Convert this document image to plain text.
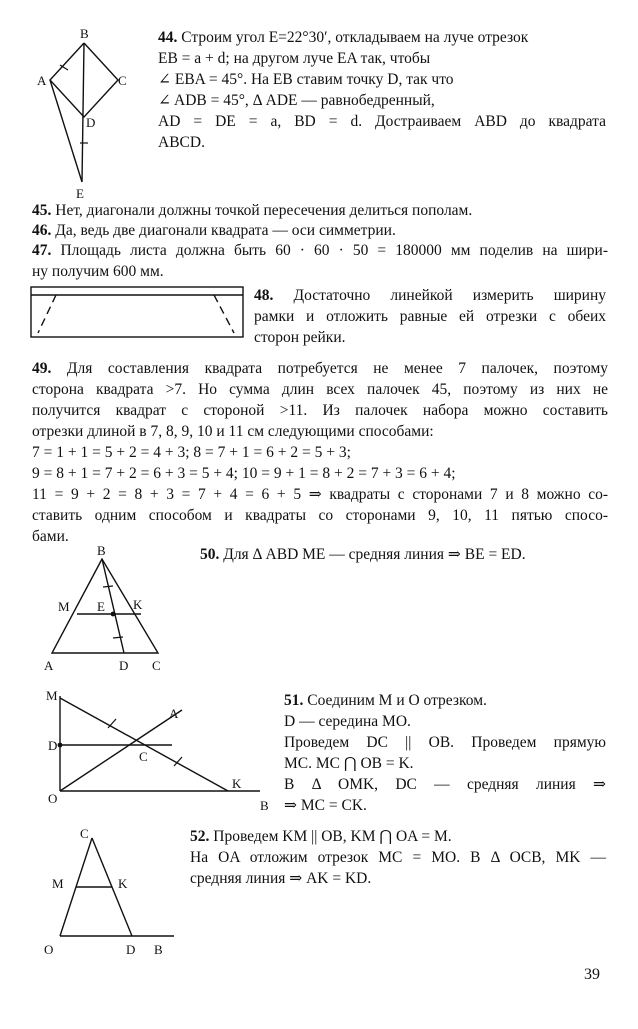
B
A	C
D
E
44. Строим угол E=22°30′, откладываем на луче отрезок
EB = a + d; на другом луче EA так, чтобы
∠ EBA = 45°. На EB ставим точку D, так что
∠ ADB = 45°, Δ ADE — равнобедренный,
AD = DE = a, BD = d. Достраиваем ABD до квадрата
ABCD.
45. Нет, диагонали должны точкой пересечения делиться пополам.
46. Да, ведь две диагонали квадрата — оси симметрии.
47. Площадь листа должна быть 60 · 60 · 50 = 180000 мм поделив на шири-
ну получим 600 мм.
48. Достаточно линейкой измерить ширину
рамки и отложить равные ей отрезки с обеих
сторон рейки.
49. Для составления квадрата потребуется не менее 7 палочек, поэтому
сторона квадрата >7. Но сумма длин всех палочек 45, поэтому из них не
получится квадрат с стороной >11. Из палочек набора можно составить
отрезки длиной в 7, 8, 9, 10 и 11 см следующими способами:
7 = 1 + 1 = 5 + 2 = 4 + 3; 8 = 7 + 1 = 6 + 2 = 5 + 3;
9 = 8 + 1 = 7 + 2 = 6 + 3 = 5 + 4; 10 = 9 + 1 = 8 + 2 = 7 + 3 = 6 + 4;
11 = 9 + 2 = 8 + 3 = 7 + 4 = 6 + 5 ⇒ квадраты с сторонами 7 и 8 можно со-
ставить одним способом и квадраты со сторонами 9, 10, 11 пятью спосо-
бами.
B
M E K
A	D C
50. Для Δ ABD ME — средняя линия ⇒ BE = ED.
M
A
D
C
K
O	B
51. Соединим M и O отрезком.
D — середина MO.
Проведем DC || OB. Проведем прямую
MC. MC ⋂ OB = K.
B Δ OMK, DC — средняя линия ⇒
⇒ MC = CK.
C
M	K
O	D B
52. Проведем KM || OB, KM ⋂ OA = M.
На OA отложим отрезок MC = MO. B Δ OCB, MK —
средняя линия ⇒ AK = KD.
39
